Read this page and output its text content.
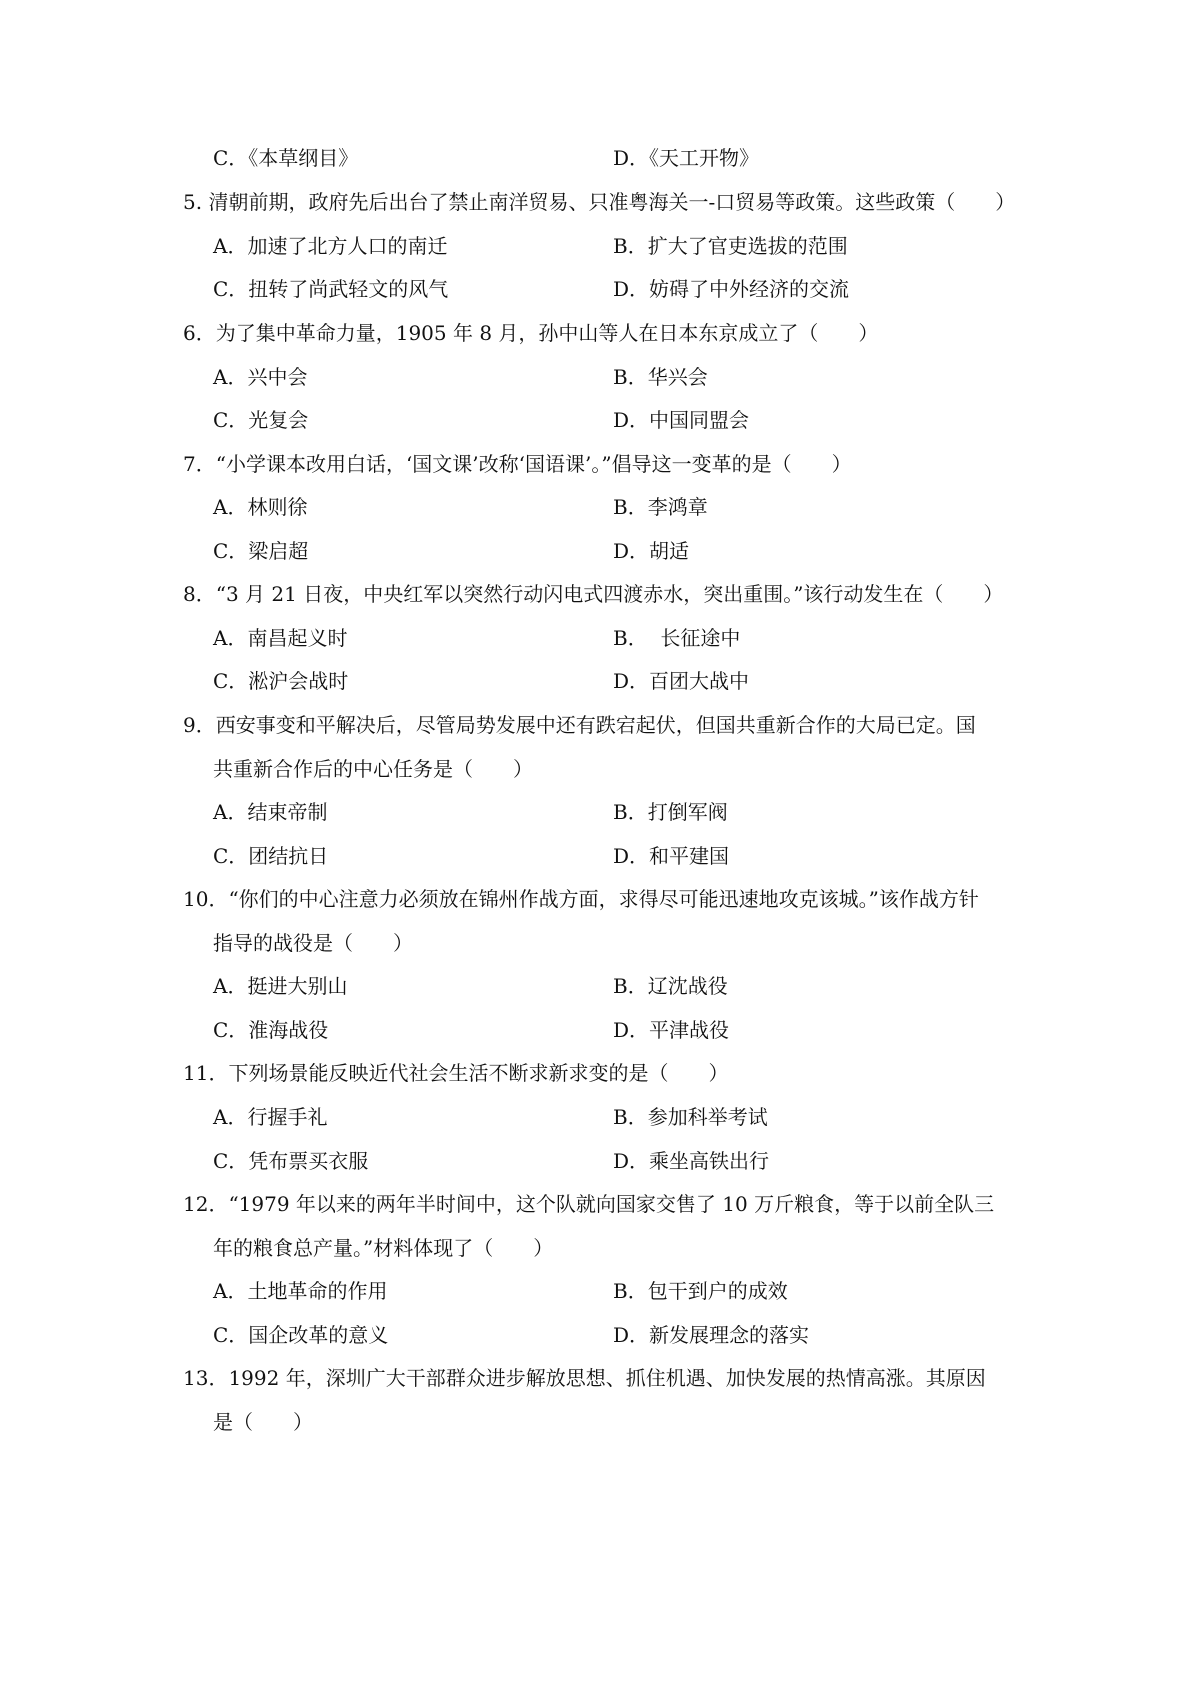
C．《本草纲目》	D．《天工开物》
5. 清朝前期，政府先后出台了禁止南洋贸易、只准粤海关一-口贸易等政策。这些政策（　　）
A．加速了北方人口的南迁	B．扩大了官吏选拔的范围
C．扭转了尚武轻文的风气	D．妨碍了中外经济的交流
6．为了集中革命力量，1905 年 8 月，孙中山等人在日本东京成立了（　　）
A．兴中会	B．华兴会
C．光复会	D．中国同盟会
7．“小学课本改用白话，‘国文课’改称‘国语课’。”倡导这一变革的是（　　）
A．林则徐	B．李鸿章
C．梁启超	D．胡适
8．“3 月 21 日夜，中央红军以突然行动闪电式四渡赤水，突出重围。”该行动发生在（　　）
A．南昌起义时	B．  长征途中
C．淞沪会战时	D．百团大战中
9．西安事变和平解决后，尽管局势发展中还有跌宕起伏，但国共重新合作的大局已定。国
共重新合作后的中心任务是（　　）
A．结束帝制	B．打倒军阀
C．团结抗日	D．和平建国
10．“你们的中心注意力必须放在锦州作战方面，求得尽可能迅速地攻克该城。”该作战方针
指导的战役是（　　）
A．挺进大别山	B．辽沈战役
C．淮海战役	D．平津战役
11．下列场景能反映近代社会生活不断求新求变的是（　　）
A．行握手礼	B．参加科举考试
C．凭布票买衣服	D．乘坐高铁出行
12．“1979 年以来的两年半时间中，这个队就向国家交售了 10 万斤粮食，等于以前全队三
年的粮食总产量。”材料体现了（　　）
A．土地革命的作用	B．包干到户的成效
C．国企改革的意义	D．新发展理念的落实
13．1992 年，深圳广大干部群众进步解放思想、抓住机遇、加快发展的热情高涨。其原因
是（　　）
